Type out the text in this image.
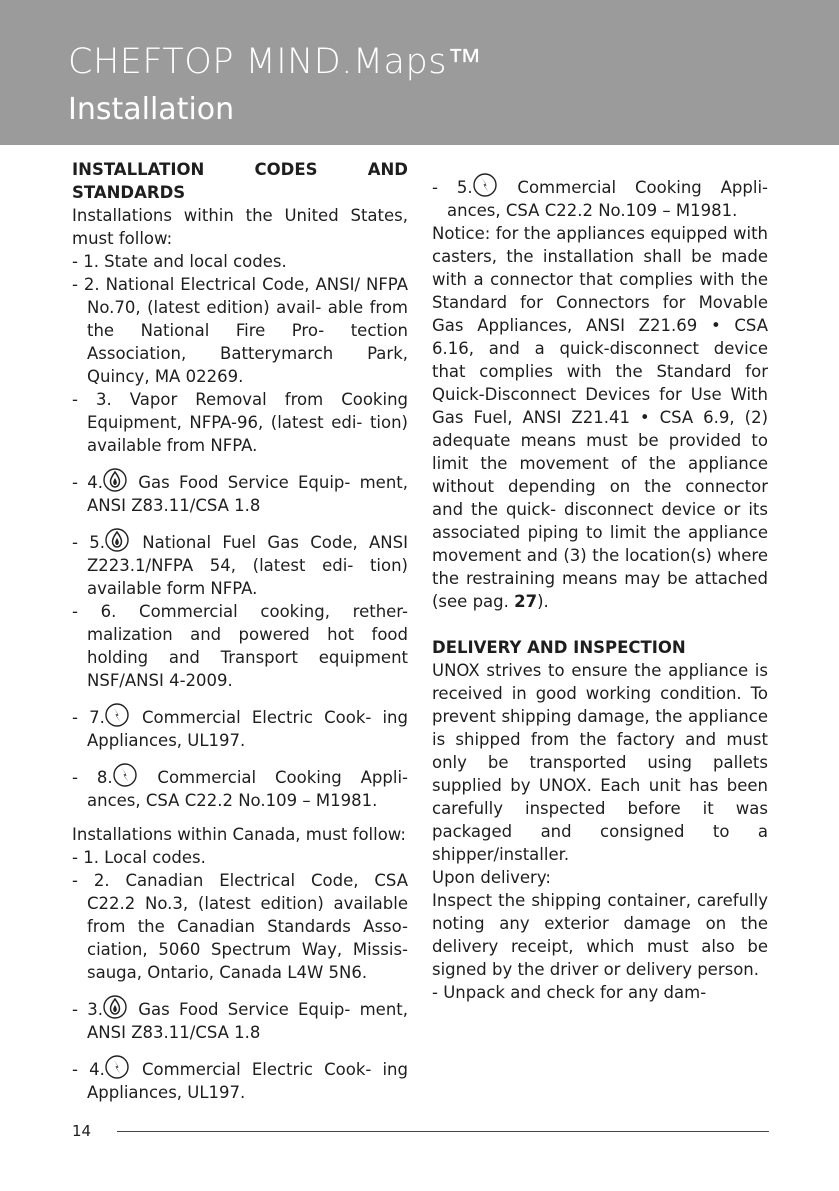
CHEFTOP MIND.Maps™
Installation

INSTALLATION CODES AND STANDARDS

Installations within the United States, must follow:

- 1. State and local codes.
- 2. National Electrical Code, ANSI/ NFPA No.70, (latest edition) avail- able from the National Fire Pro- tection Association, Batterymarch Park, Quincy, MA 02269.
- 3. Vapor Removal from Cooking Equipment, NFPA-96, (latest edi- tion) available from NFPA.
- 4.
Gas Food Service Equip- ment, ANSI Z83.11/CSA 1.8
- 5.
National Fuel Gas Code, ANSI Z223.1/NFPA 54, (latest edi- tion) available form NFPA.
- 6. Commercial cooking, rether- malization and powered hot food holding and Transport equipment NSF/ANSI 4-2009.
- 7.
Commercial Electric Cook- ing Appliances, UL197.
- 8.
Commercial Cooking Appli- ances, CSA C22.2 No.109 – M1981.

Installations within Canada, must follow:

- 1. Local codes.
- 2. Canadian Electrical Code, CSA C22.2 No.3, (latest edition) available from the Canadian Standards Asso- ciation, 5060 Spectrum Way, Missis- sauga, Ontario, Canada L4W 5N6.
- 3.
Gas Food Service Equip- ment, ANSI Z83.11/CSA 1.8
- 4.
Commercial Electric Cook- ing Appliances, UL197.
- 5.
Commercial Cooking Appli- ances, CSA C22.2 No.109 – M1981.

Notice: for the appliances equipped with casters, the installation shall be made with a connector that complies with the Standard for Connectors for Movable Gas Appliances, ANSI Z21.69 • CSA 6.16, and a quick-disconnect device that complies with the Standard for Quick-Disconnect Devices for Use With Gas Fuel, ANSI Z21.41 • CSA 6.9, (2) adequate means must be provided to limit the movement of the appliance without depending on the connector and the quick- disconnect device or its associated piping to limit the appliance movement and (3) the location(s) where the restraining means may be attached (see pag. 27).

DELIVERY AND INSPECTION

UNOX strives to ensure the appliance is received in good working condition. To prevent shipping damage, the appliance is shipped from the factory and must only be transported using pallets supplied by UNOX. Each unit has been carefully inspected before it was packaged and consigned to a shipper/installer.

Upon delivery:

Inspect the shipping container, carefully noting any exterior damage on the delivery receipt, which must also be signed by the driver or delivery person.

- Unpack and check for any dam-
14
